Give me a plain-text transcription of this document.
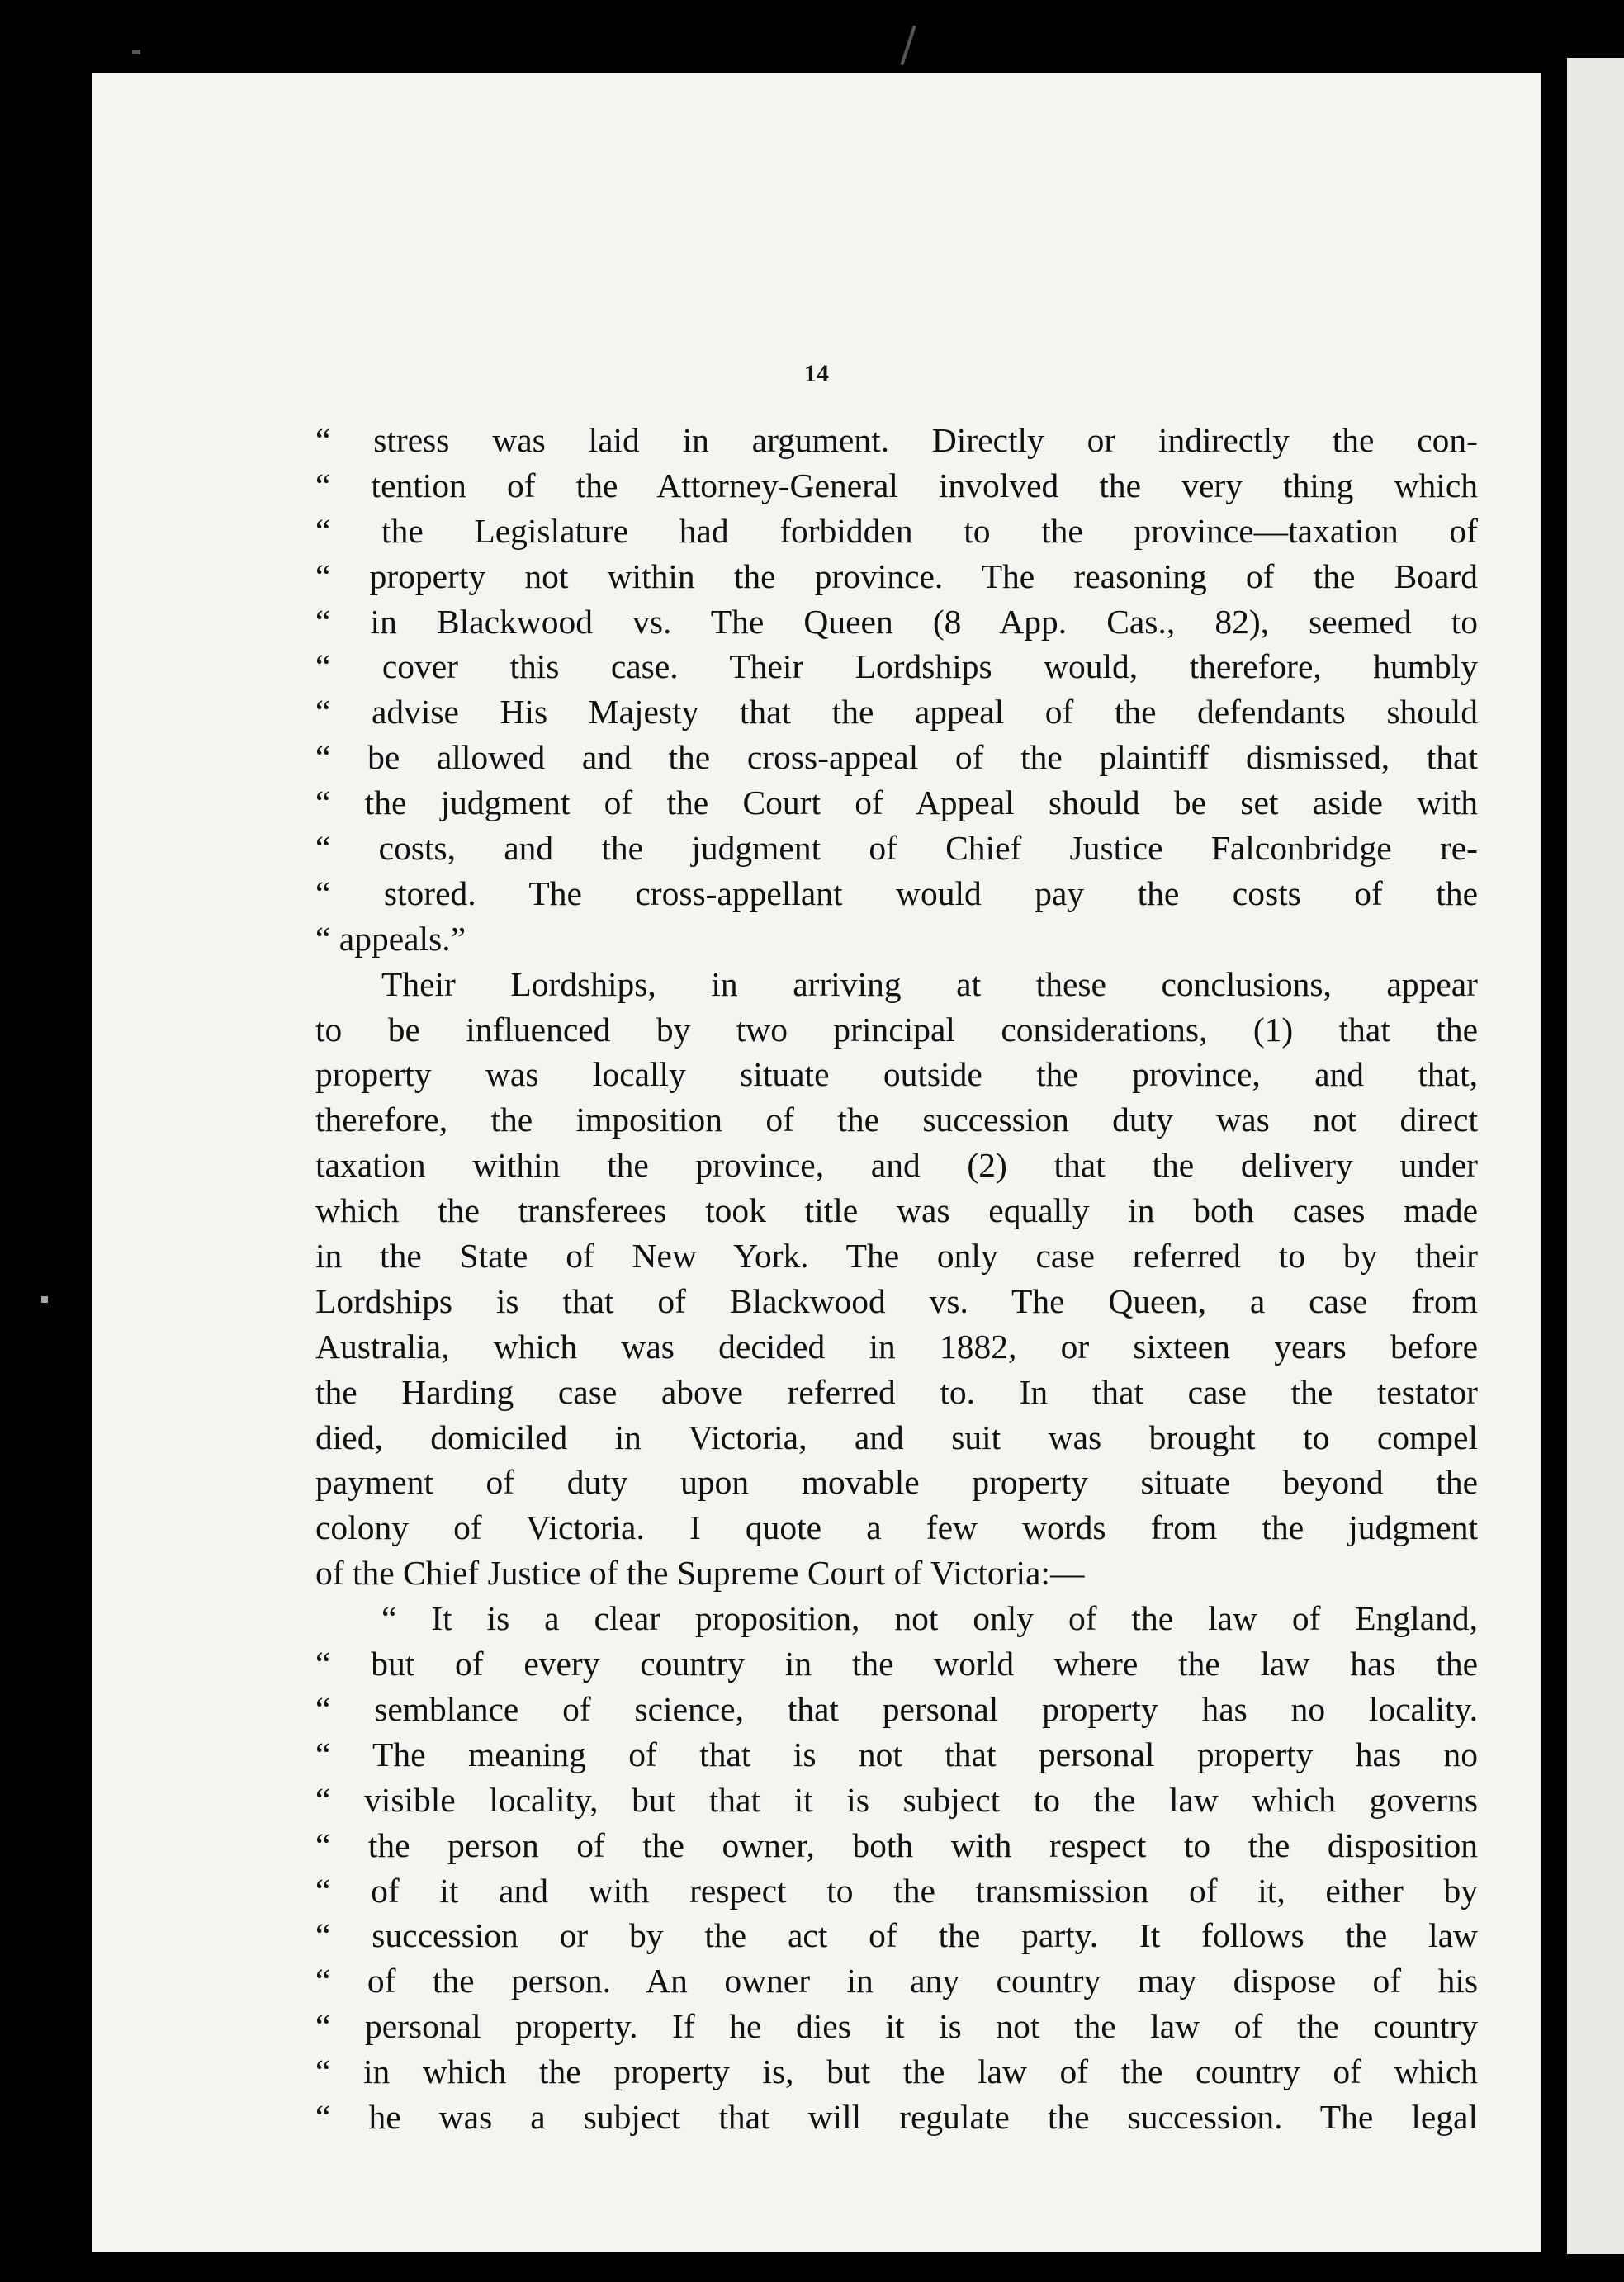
14
“ stress was laid in argument. Directly or indirectly the con-
“ tention of the Attorney-General involved the very thing which
“ the Legislature had forbidden to the province—taxation of
“ property not within the province. The reasoning of the Board
“ in Blackwood vs. The Queen (8 App. Cas., 82), seemed to
“ cover this case. Their Lordships would, therefore, humbly
“ advise His Majesty that the appeal of the defendants should
“ be allowed and the cross-appeal of the plaintiff dismissed, that
“ the judgment of the Court of Appeal should be set aside with
“ costs, and the judgment of Chief Justice Falconbridge re-
“ stored. The cross-appellant would pay the costs of the
“ appeals.”
Their Lordships, in arriving at these conclusions, appear
to be influenced by two principal considerations, (1) that the
property was locally situate outside the province, and that,
therefore, the imposition of the succession duty was not direct
taxation within the province, and (2) that the delivery under
which the transferees took title was equally in both cases made
in the State of New York. The only case referred to by their
Lordships is that of Blackwood vs. The Queen, a case from
Australia, which was decided in 1882, or sixteen years before
the Harding case above referred to. In that case the testator
died, domiciled in Victoria, and suit was brought to compel
payment of duty upon movable property situate beyond the
colony of Victoria. I quote a few words from the judgment
of the Chief Justice of the Supreme Court of Victoria:—
“ It is a clear proposition, not only of the law of England,
“ but of every country in the world where the law has the
“ semblance of science, that personal property has no locality.
“ The meaning of that is not that personal property has no
“ visible locality, but that it is subject to the law which governs
“ the person of the owner, both with respect to the disposition
“ of it and with respect to the transmission of it, either by
“ succession or by the act of the party. It follows the law
“ of the person. An owner in any country may dispose of his
“ personal property. If he dies it is not the law of the country
“ in which the property is, but the law of the country of which
“ he was a subject that will regulate the succession. The legal
